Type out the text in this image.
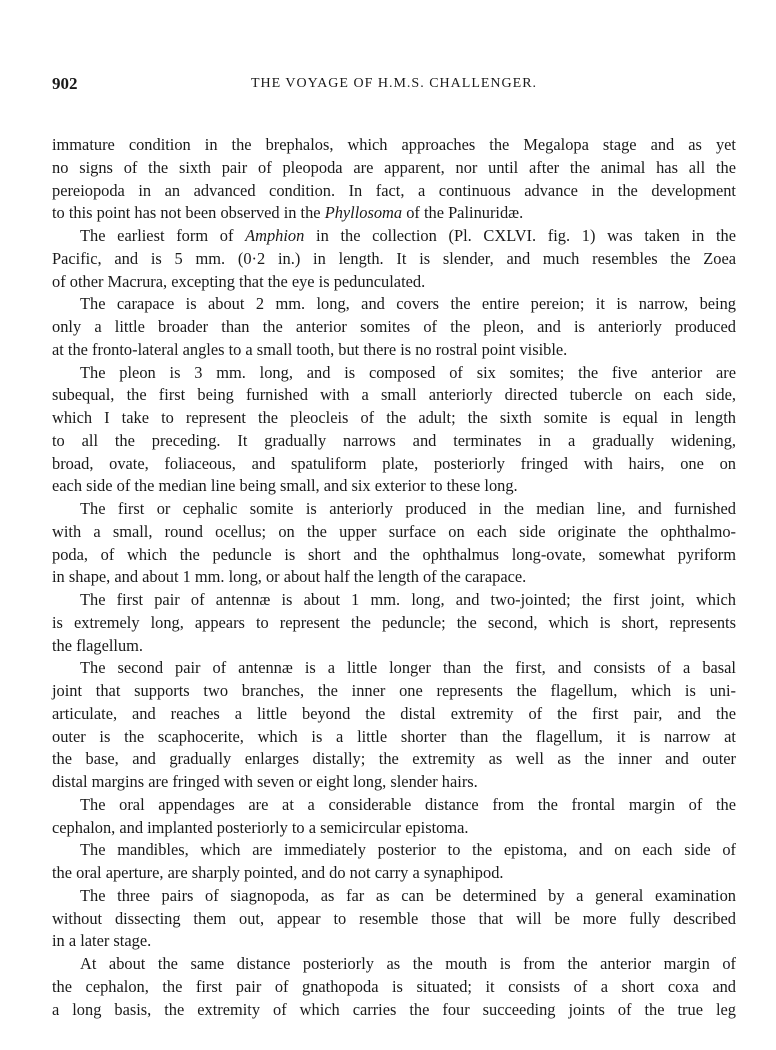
902	THE VOYAGE OF H.M.S. CHALLENGER.
immature condition in the brephalos, which approaches the Megalopa stage and as yet
no signs of the sixth pair of pleopoda are apparent, nor until after the animal has all the
pereiopoda in an advanced condition. In fact, a continuous advance in the development
to this point has not been observed in the Phyllosoma of the Palinuridæ.
The earliest form of Amphion in the collection (Pl. CXLVI. fig. 1) was taken in the
Pacific, and is 5 mm. (0·2 in.) in length. It is slender, and much resembles the Zoea
of other Macrura, excepting that the eye is pedunculated.
The carapace is about 2 mm. long, and covers the entire pereion; it is narrow, being
only a little broader than the anterior somites of the pleon, and is anteriorly produced
at the fronto-lateral angles to a small tooth, but there is no rostral point visible.
The pleon is 3 mm. long, and is composed of six somites; the five anterior are
subequal, the first being furnished with a small anteriorly directed tubercle on each side,
which I take to represent the pleocleis of the adult; the sixth somite is equal in length
to all the preceding. It gradually narrows and terminates in a gradually widening,
broad, ovate, foliaceous, and spatuliform plate, posteriorly fringed with hairs, one on
each side of the median line being small, and six exterior to these long.
The first or cephalic somite is anteriorly produced in the median line, and furnished
with a small, round ocellus; on the upper surface on each side originate the ophthalmo-
poda, of which the peduncle is short and the ophthalmus long-ovate, somewhat pyriform
in shape, and about 1 mm. long, or about half the length of the carapace.
The first pair of antennæ is about 1 mm. long, and two-jointed; the first joint, which
is extremely long, appears to represent the peduncle; the second, which is short, represents
the flagellum.
The second pair of antennæ is a little longer than the first, and consists of a basal
joint that supports two branches, the inner one represents the flagellum, which is uni-
articulate, and reaches a little beyond the distal extremity of the first pair, and the
outer is the scaphocerite, which is a little shorter than the flagellum, it is narrow at
the base, and gradually enlarges distally; the extremity as well as the inner and outer
distal margins are fringed with seven or eight long, slender hairs.
The oral appendages are at a considerable distance from the frontal margin of the
cephalon, and implanted posteriorly to a semicircular epistoma.
The mandibles, which are immediately posterior to the epistoma, and on each side of
the oral aperture, are sharply pointed, and do not carry a synaphipod.
The three pairs of siagnopoda, as far as can be determined by a general examination
without dissecting them out, appear to resemble those that will be more fully described
in a later stage.
At about the same distance posteriorly as the mouth is from the anterior margin of
the cephalon, the first pair of gnathopoda is situated; it consists of a short coxa and
a long basis, the extremity of which carries the four succeeding joints of the true leg
